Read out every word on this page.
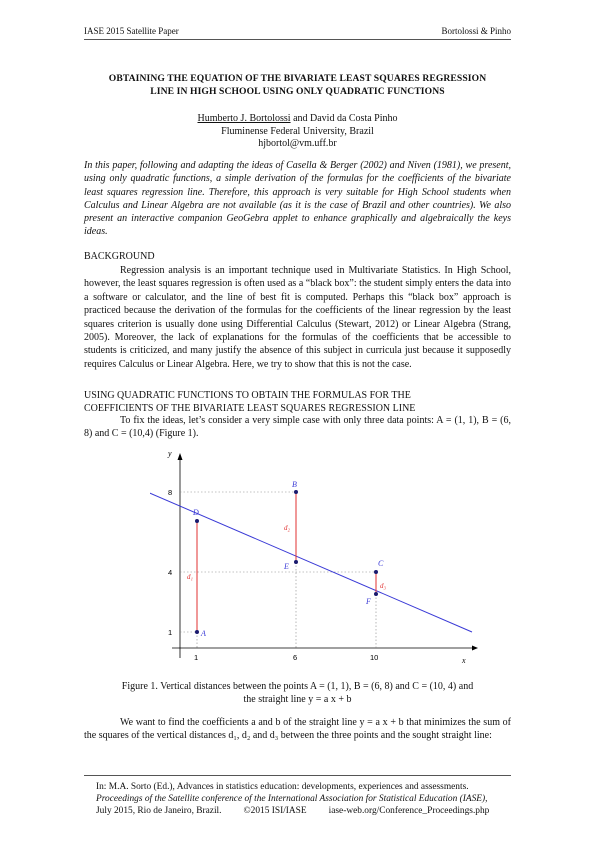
IASE 2015 Satellite Paper	Bortolossi & Pinho
OBTAINING THE EQUATION OF THE BIVARIATE LEAST SQUARES REGRESSION
LINE IN HIGH SCHOOL USING ONLY QUADRATIC FUNCTIONS
Humberto J. Bortolossi and David da Costa Pinho
Fluminense Federal University, Brazil
hjbortol@vm.uff.br
In this paper, following and adapting the ideas of Casella & Berger (2002) and Niven (1981), we present, using only quadratic functions, a simple derivation of the formulas for the coefficients of the bivariate least squares regression line. Therefore, this approach is very suitable for High School students when Calculus and Linear Algebra are not available (as it is the case of Brazil and other countries). We also present an interactive companion GeoGebra applet to enhance graphically and algebraically the keys ideas.
BACKGROUND
Regression analysis is an important technique used in Multivariate Statistics. In High School, however, the least squares regression is often used as a “black box”: the student simply enters the data into a software or calculator, and the line of best fit is computed. Perhaps this “black box” approach is practiced because the derivation of the formulas for the coefficients of the linear regression by the least squares criterion is usually done using Differential Calculus (Stewart, 2012) or Linear Algebra (Strang, 2005). Moreover, the lack of explanations for the formulas of the coefficients that be accessible to students is criticized, and many justify the absence of this subject in curricula just because it supposedly requires Calculus or Linear Algebra. Here, we try to show that this is not the case.
USING QUADRATIC FUNCTIONS TO OBTAIN THE FORMULAS FOR THE
COEFFICIENTS OF THE BIVARIATE LEAST SQUARES REGRESSION LINE
To fix the ideas, let’s consider a very simple case with only three data points: A = (1, 1), B = (6, 8) and C = (10,4) (Figure 1).
x
y
1	6	10
1
4
8
d₁
d₂
d₃
A
B
C
D
E
F
Figure 1. Vertical distances between the points A = (1, 1), B = (6, 8) and C = (10, 4) and
the straight line y = a x + b
We want to find the coefficients a and b of the straight line y = a x + b that minimizes the sum of the squares of the vertical distances d₁, d₂ and d₃ between the three points and the sought straight line:
In: M.A. Sorto (Ed.), Advances in statistics education: developments, experiences and assessments.
Proceedings of the Satellite conference of the International Association for Statistical Education (IASE),
July 2015, Rio de Janeiro, Brazil. ©2015 ISI/IASE iase-web.org/Conference_Proceedings.php
